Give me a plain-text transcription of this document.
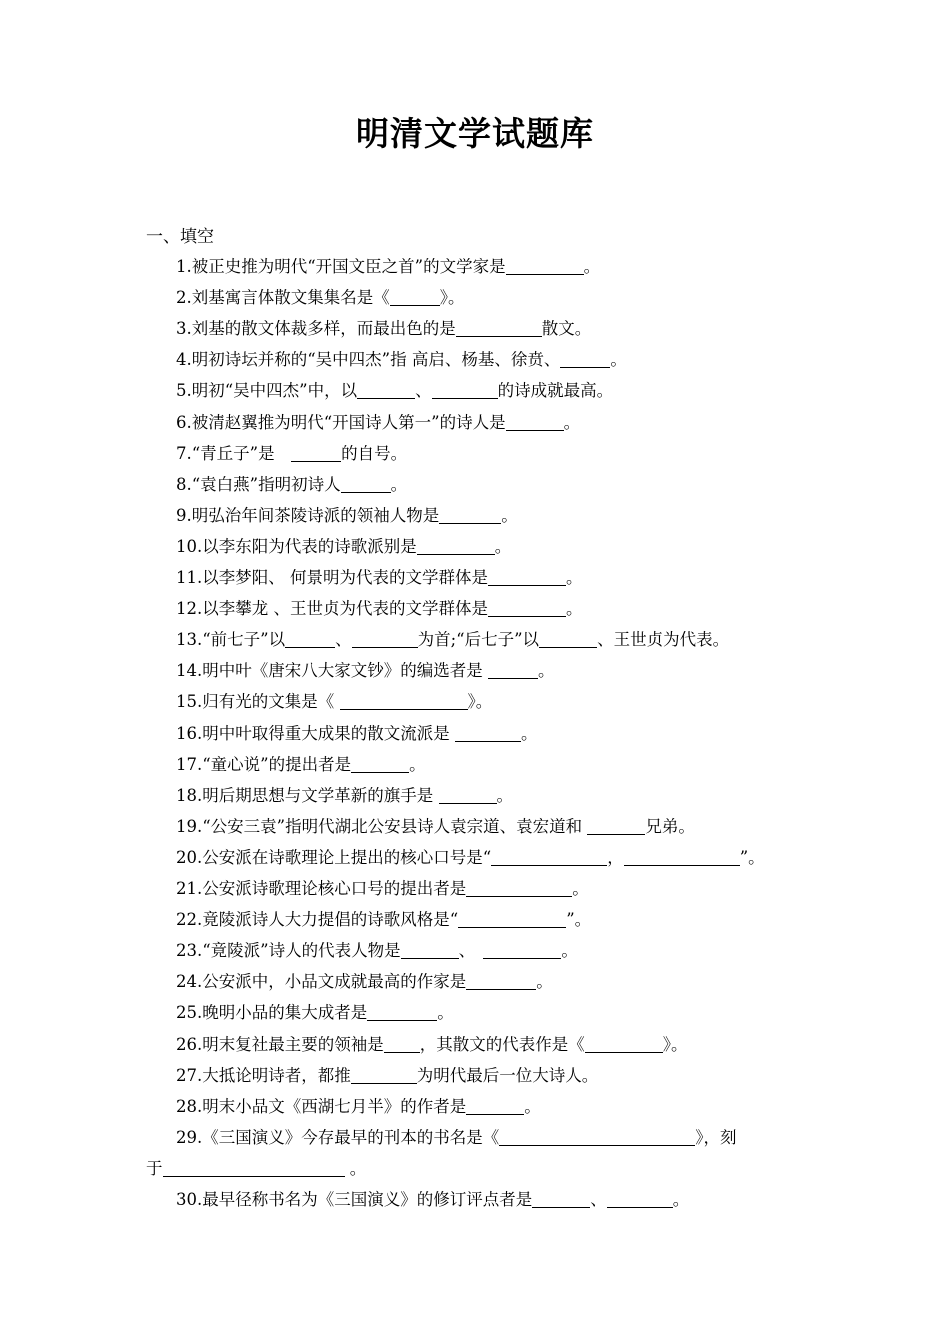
明清文学试题库
一、填空
1.被正史推为明代“开国文臣之首”的文学家是	。
2.刘基寓言体散文集集名是《	》。
3.刘基的散文体裁多样，而最出色的是	散文。
4.明初诗坛并称的“吴中四杰”指 高启、杨基、徐贲、	。
5.明初“吴中四杰”中，以	、	的诗成就最高。
6.被清赵翼推为明代“开国诗人第一”的诗人是	。
7.“青丘子”是　	的自号。
8.“袁白燕”指明初诗人	。
9.明弘治年间茶陵诗派的领袖人物是	。
10.以李东阳为代表的诗歌派别是	。
11.以李梦阳、 何景明为代表的文学群体是	。
12.以李攀龙 、王世贞为代表的文学群体是	。
13.“前七子”以	、	为首;“后七子”以	、王世贞为代表。
14.明中叶《唐宋八大家文钞》的编选者是	。
15.归有光的文集是《	》。
16.明中叶取得重大成果的散文流派是	。
17.“童心说”的提出者是	。
18.明后期思想与文学革新的旗手是	。
19.“公安三袁”指明代湖北公安县诗人袁宗道、袁宏道和	兄弟。
20.公安派在诗歌理论上提出的核心口号是“	，	”。
21.公安派诗歌理论核心口号的提出者是	。
22.竟陵派诗人大力提倡的诗歌风格是“	”。
23.“竟陵派”诗人的代表人物是	、　	。
24.公安派中，小品文成就最高的作家是	。
25.晚明小品的集大成者是	。
26.明末复社最主要的领袖是 ，其散文的代表作是《	》。
27.大抵论明诗者，都推	为明代最后一位大诗人。
28.明末小品文《西湖七月半》的作者是	。
29.《三国演义》今存最早的刊本的书名是《	》，刻
于	。
30.最早径称书名为《三国演义》的修订评点者是	、	。
